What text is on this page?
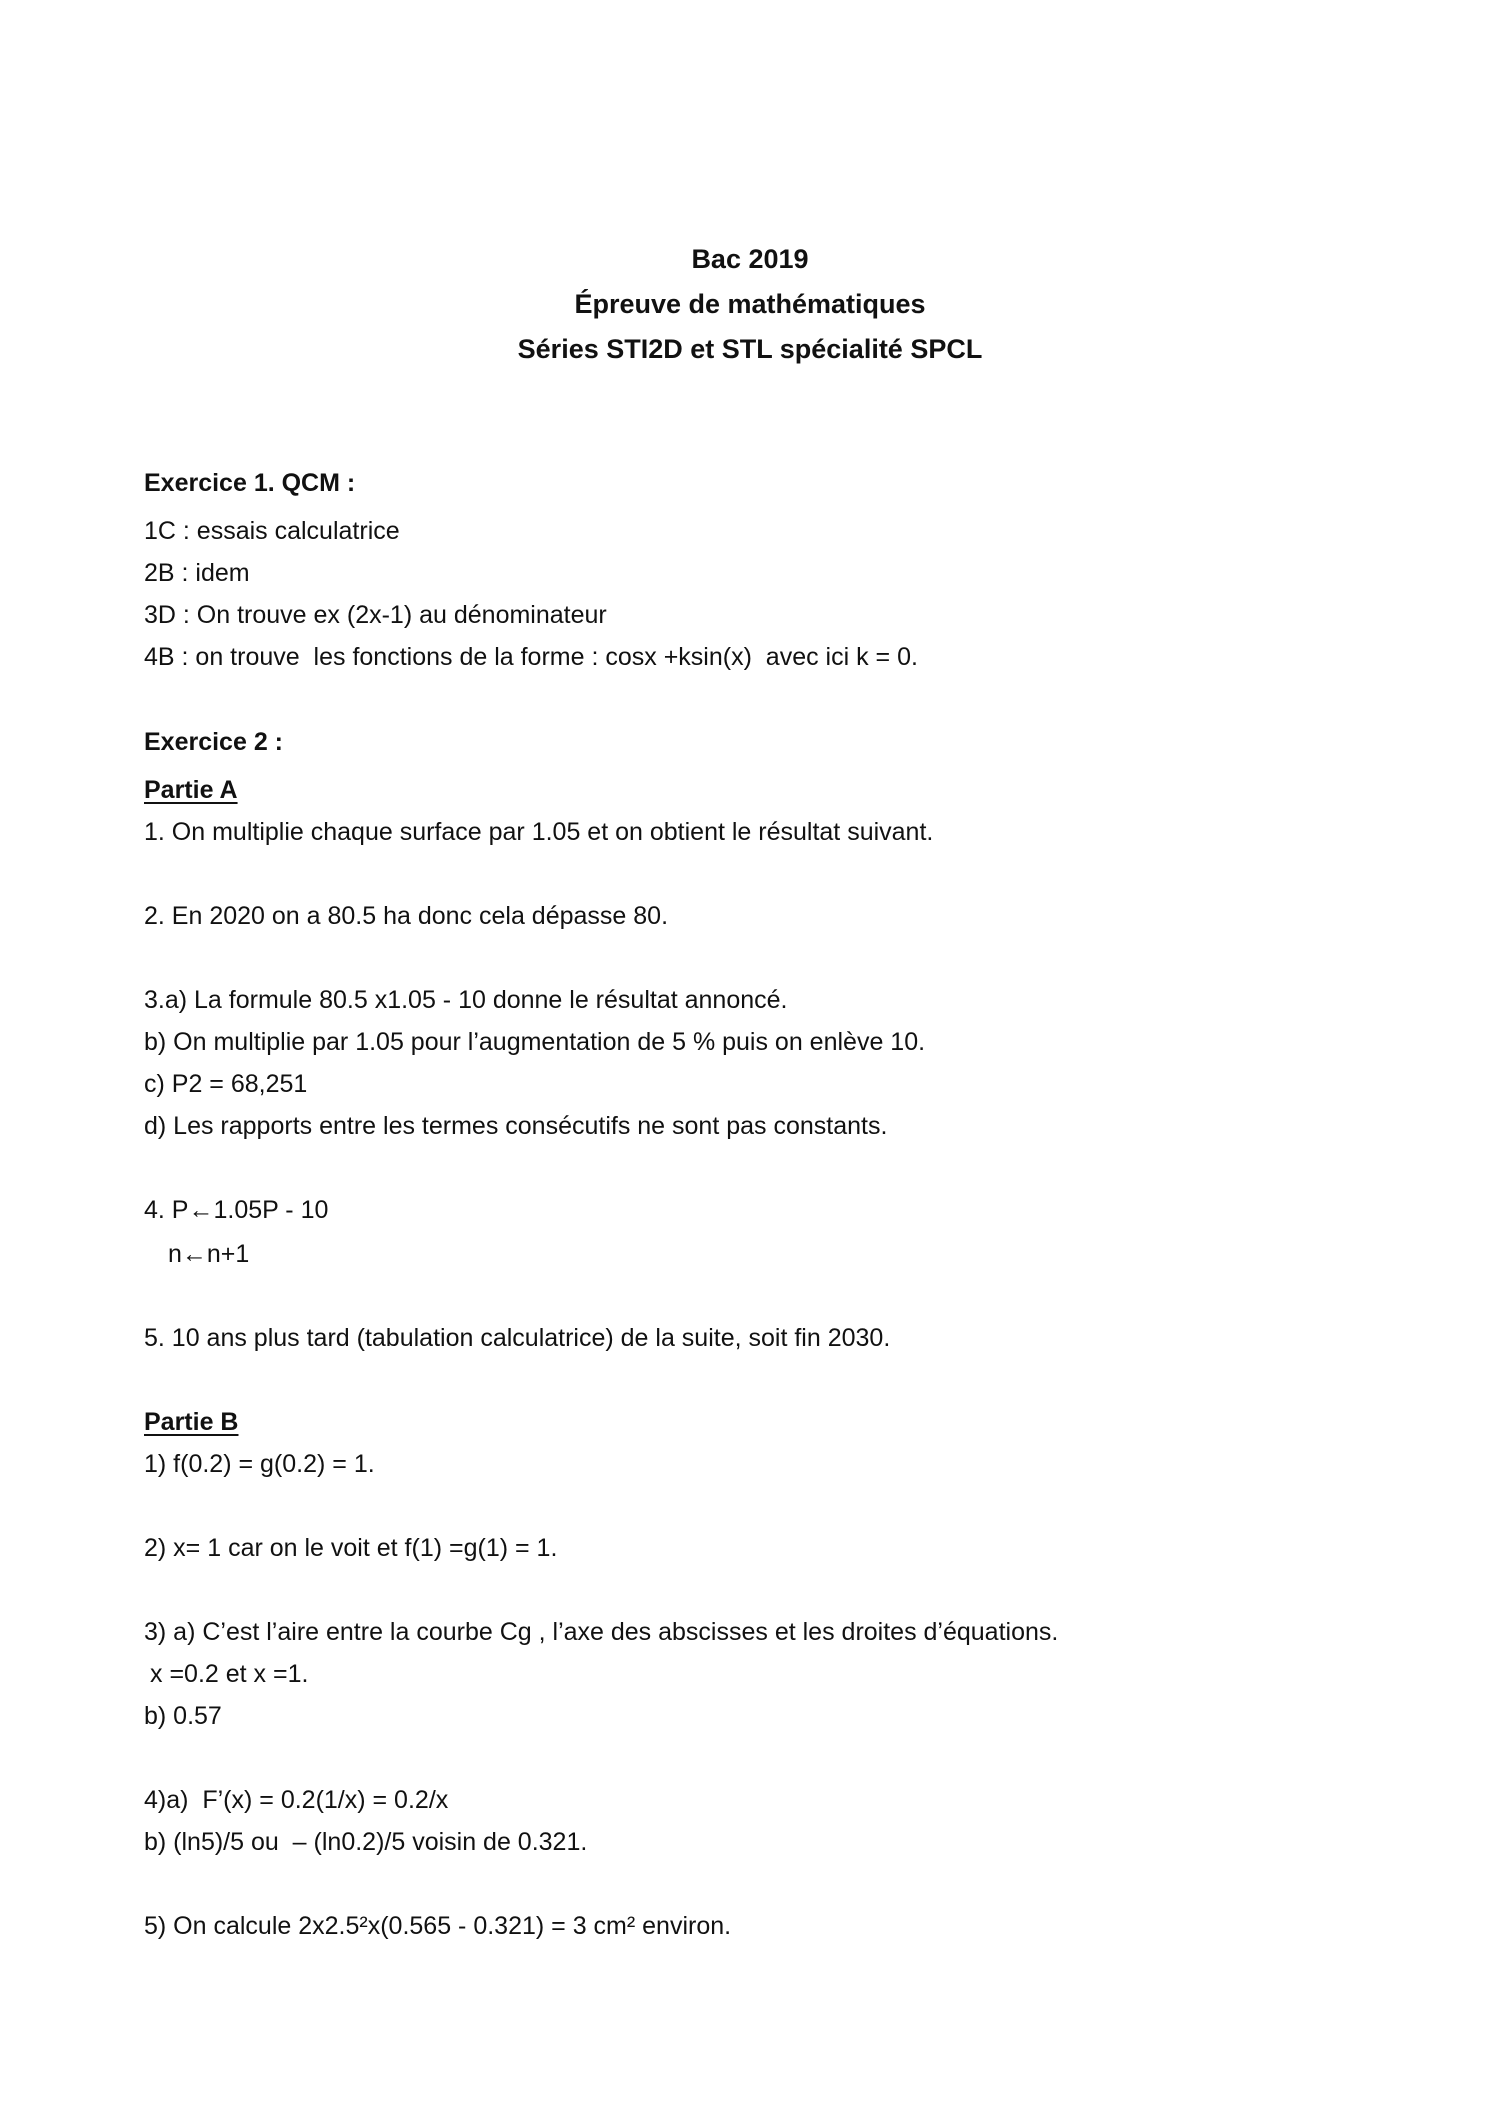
Bac 2019
Épreuve de mathématiques
Séries STI2D et STL spécialité SPCL
Exercice 1. QCM :
1C : essais calculatrice
2B : idem
3D : On trouve ex (2x-1) au dénominateur
4B : on trouve  les fonctions de la forme : cosx +ksin(x)  avec ici k = 0.
Exercice 2 :
Partie A
1. On multiplie chaque surface par 1.05 et on obtient le résultat suivant.
2. En 2020 on a 80.5 ha donc cela dépasse 80.
3.a) La formule 80.5 x1.05 - 10 donne le résultat annoncé.
b) On multiplie par 1.05 pour l’augmentation de 5 % puis on enlève 10.
c) P2 = 68,251
d) Les rapports entre les termes consécutifs ne sont pas constants.
4. P←1.05P - 10
n←n+1
5. 10 ans plus tard (tabulation calculatrice) de la suite, soit fin 2030.
Partie B
1) f(0.2) = g(0.2) = 1.
2) x= 1 car on le voit et f(1) =g(1) = 1.
3) a) C’est l’aire entre la courbe Cg , l’axe des abscisses et les droites d’équations.
x =0.2 et x =1.
b) 0.57
4)a)  F’(x) = 0.2(1/x) = 0.2/x
b) (ln5)/5 ou  – (ln0.2)/5 voisin de 0.321.
5) On calcule 2x2.5²x(0.565 - 0.321) = 3 cm² environ.
